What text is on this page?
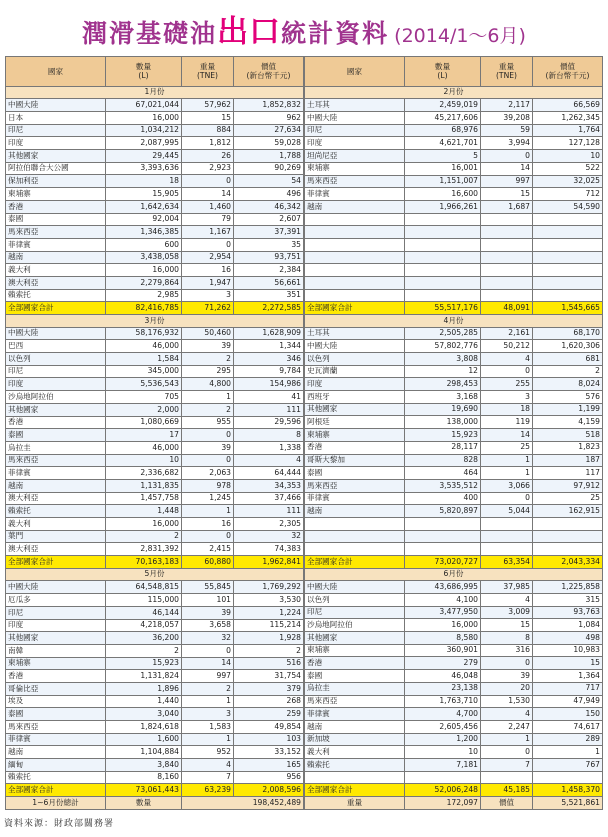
潤滑基礎油出口統計資料 (2014/1～6月)
國家	數量
(L)	重量
(TNE)	價值
(新台幣千元)
1月份			
中國大陸	67,021,044	57,962	1,852,832
日本	16,000	15	962
印尼	1,034,212	884	27,634
印度	2,087,995	1,812	59,028
其他國家	29,445	26	1,788
阿拉伯聯合大公國	3,393,636	2,923	90,269
保加利亞	18	0	54
柬埔寨	15,905	14	496
香港	1,642,634	1,460	46,342
泰國	92,004	79	2,607
馬來西亞	1,346,385	1,167	37,391
菲律賓	600	0	35
越南	3,438,058	2,954	93,751
義大利	16,000	16	2,384
澳大利亞	2,279,864	1,947	56,661
賴索托	2,985	3	351
全部國家合計	82,416,785	71,262	2,272,585
3月份			
中國大陸	58,176,932	50,460	1,628,909
巴西	46,000	39	1,344
以色列	1,584	2	346
印尼	345,000	295	9,784
印度	5,536,543	4,800	154,986
沙烏地阿拉伯	705	1	41
其他國家	2,000	2	111
香港	1,080,669	955	29,596
泰國	17	0	8
烏拉圭	46,000	39	1,338
馬來西亞	10	0	4
菲律賓	2,336,682	2,063	64,444
越南	1,131,835	978	34,353
澳大利亞	1,457,758	1,245	37,466
賴索托	1,448	1	111
義大利	16,000	16	2,305
葉門	2	0	32
澳大利亞	2,831,392	2,415	74,383
全部國家合計	70,163,183	60,880	1,962,841
5月份			
中國大陸	64,548,815	55,845	1,769,292
厄瓜多	115,000	101	3,530
印尼	46,144	39	1,224
印度	4,218,057	3,658	115,214
其他國家	36,200	32	1,928
南韓	2	0	2
柬埔寨	15,923	14	516
香港	1,131,824	997	31,754
哥倫比亞	1,896	2	379
埃及	1,440	1	268
泰國	3,040	3	259
馬來西亞	1,824,618	1,583	49,854
菲律賓	1,600	1	103
越南	1,104,884	952	33,152
緬甸	3,840	4	165
賴索托	8,160	7	956
全部國家合計	73,061,443	63,239	2,008,596
1~6月份總計	數量	198,452,489	
國家	數量
(L)	重量
(TNE)	價值
(新台幣千元)
2月份			
土耳其	2,459,019	2,117	66,569
中國大陸	45,217,606	39,208	1,262,345
印尼	68,976	59	1,764
印度	4,621,701	3,994	127,128
坦尚尼亞	5	0	10
柬埔寨	16,001	14	522
馬來西亞	1,151,007	997	32,025
菲律賓	16,600	15	712
越南	1,966,261	1,687	54,590

全部國家合計	55,517,176	48,091	1,545,665
4月份			
土耳其	2,505,285	2,161	68,170
中國大陸	57,802,776	50,212	1,620,306
以色列	3,808	4	681
史瓦濟蘭	12	0	2
印度	298,453	255	8,024
西班牙	3,168	3	576
其他國家	19,690	18	1,199
阿根廷	138,000	119	4,159
柬埔寨	15,923	14	518
香港	28,117	25	1,823
哥斯大黎加	828	1	187
泰國	464	1	117
馬來西亞	3,535,512	3,066	97,912
菲律賓	400	0	25
越南	5,820,897	5,044	162,915

全部國家合計	73,020,727	63,354	2,043,334
6月份			
中國大陸	43,686,995	37,985	1,225,858
以色列	4,100	4	315
印尼	3,477,950	3,009	93,763
沙烏地阿拉伯	16,000	15	1,084
其他國家	8,580	8	498
柬埔寨	360,901	316	10,983
香港	279	0	15
泰國	46,048	39	1,364
烏拉圭	23,138	20	717
馬來西亞	1,763,710	1,530	47,949
菲律賓	4,700	4	150
越南	2,605,456	2,247	74,617
新加坡	1,200	1	289
義大利	10	0	1
賴索托	7,181	7	767

全部國家合計	52,006,248	45,185	1,458,370
重量	172,097	價值	5,521,861
資料來源：財政部關務署
